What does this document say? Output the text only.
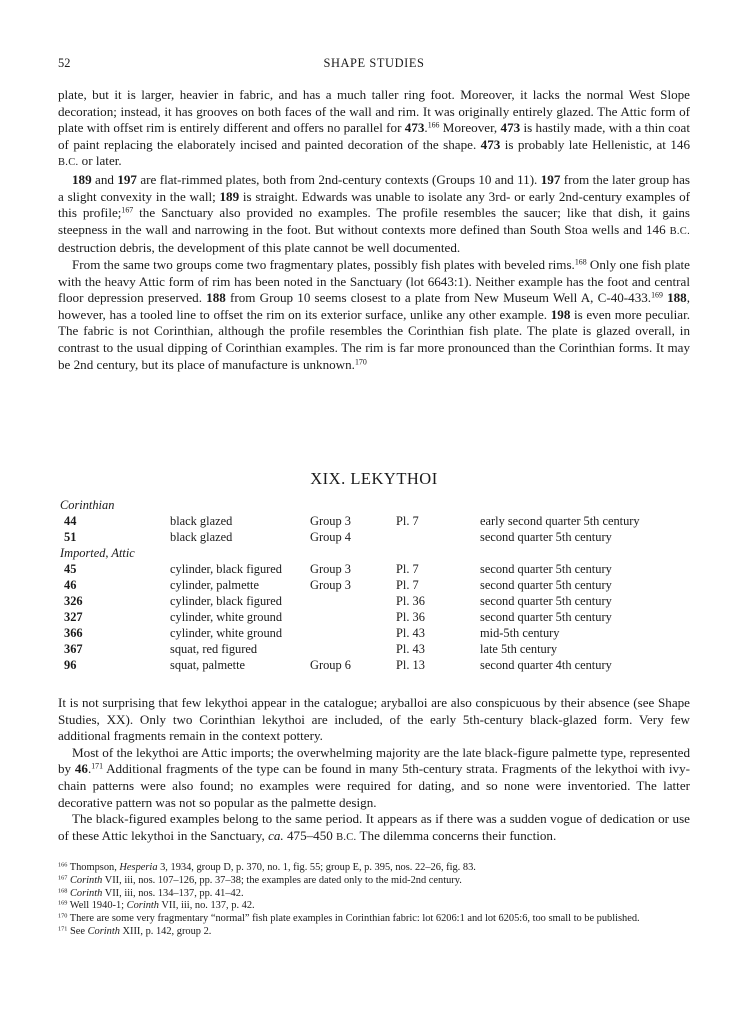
52	SHAPE STUDIES

plate, but it is larger, heavier in fabric, and has a much taller ring foot. Moreover, it lacks the normal West Slope decoration; instead, it has grooves on both faces of the wall and rim. It was originally entirely glazed. The Attic form of plate with offset rim is entirely different and offers no parallel for 473.$^{166}$ Moreover, 473 is hastily made, with a thin coat of paint replacing the elaborately incised and painted decoration of the shape. 473 is probably late Hellenistic, at 146 B.C. or later.

189 and 197 are flat-rimmed plates, both from 2nd-century contexts (Groups 10 and 11). 197 from the later group has a slight convexity in the wall; 189 is straight. Edwards was unable to isolate any 3rd- or early 2nd-century examples of this profile;$^{167}$ the Sanctuary also provided no examples. The profile resembles the saucer; like that dish, it gains steepness in the wall and narrowing in the foot. But without contexts more defined than South Stoa wells and 146 B.C. destruction debris, the development of this plate cannot be well documented.

From the same two groups come two fragmentary plates, possibly fish plates with beveled rims.$^{168}$ Only one fish plate with the heavy Attic form of rim has been noted in the Sanctuary (lot 6643:1). Neither example has the foot and central floor depression preserved. 188 from Group 10 seems closest to a plate from New Museum Well A, C-40-433.$^{169}$ 188, however, has a tooled line to offset the rim on its exterior surface, unlike any other example. 198 is even more peculiar. The fabric is not Corinthian, although the profile resembles the Corinthian fish plate. The plate is glazed overall, in contrast to the usual dipping of Corinthian examples. The rim is far more pronounced than the Corinthian forms. It may be 2nd century, but its place of manufacture is unknown.$^{170}$

XIX. LEKYTHOI
Corinthian				
44	black glazed	Group 3	Pl. 7	early second quarter 5th century
51	black glazed	Group 4		second quarter 5th century
Imported, Attic				
45	cylinder, black figured	Group 3	Pl. 7	second quarter 5th century
46	cylinder, palmette	Group 3	Pl. 7	second quarter 5th century
326	cylinder, black figured		Pl. 36	second quarter 5th century
327	cylinder, white ground		Pl. 36	second quarter 5th century
366	cylinder, white ground		Pl. 43	mid-5th century
367	squat, red figured		Pl. 43	late 5th century
96	squat, palmette	Group 6	Pl. 13	second quarter 4th century

It is not surprising that few lekythoi appear in the catalogue; aryballoi are also conspicuous by their absence (see Shape Studies, XX). Only two Corinthian lekythoi are included, of the early 5th-century black-glazed form. Very few additional fragments remain in the context pottery.

Most of the lekythoi are Attic imports; the overwhelming majority are the late black-figure palmette type, represented by 46.$^{171}$ Additional fragments of the type can be found in many 5th-century strata. Fragments of the lekythoi with ivy-chain patterns were also found; no examples were required for dating, and so none were inventoried. The latter decorative pattern was not so popular as the palmette design.

The black-figured examples belong to the same period. It appears as if there was a sudden vogue of dedication or use of these Attic lekythoi in the Sanctuary, ca. 475–450 B.C. The dilemma concerns their function.

$^{166}$ Thompson, Hesperia 3, 1934, group D, p. 370, no. 1, fig. 55; group E, p. 395, nos. 22–26, fig. 83.
$^{167}$ Corinth VII, iii, nos. 107–126, pp. 37–38; the examples are dated only to the mid-2nd century.
$^{168}$ Corinth VII, iii, nos. 134–137, pp. 41–42.
$^{169}$ Well 1940-1; Corinth VII, iii, no. 137, p. 42.
$^{170}$ There are some very fragmentary “normal” fish plate examples in Corinthian fabric: lot 6206:1 and lot 6205:6, too small to be published.
$^{171}$ See Corinth XIII, p. 142, group 2.
